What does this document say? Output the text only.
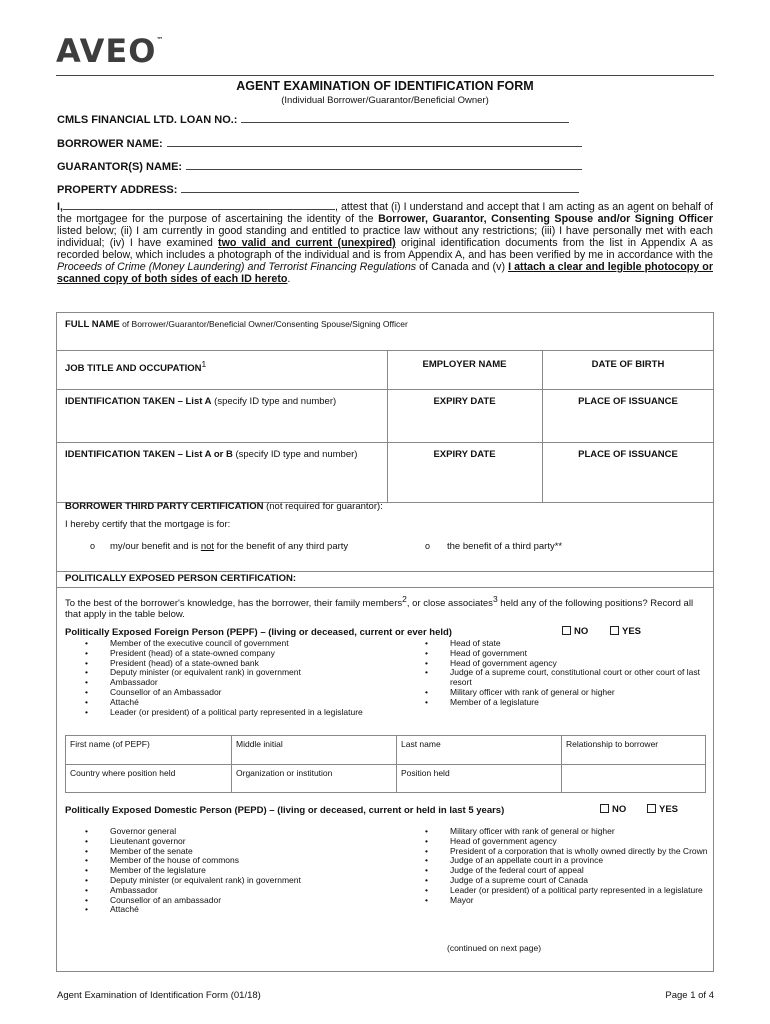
AVEO™
AGENT EXAMINATION OF IDENTIFICATION FORM
(Individual Borrower/Guarantor/Beneficial Owner)
CMLS FINANCIAL LTD. LOAN NO.:
BORROWER NAME:
GUARANTOR(S) NAME:
PROPERTY ADDRESS:
I,	, attest that (i) I understand and accept that I am acting as an agent on behalf of the mortgagee for the purpose of ascertaining the identity of the Borrower, Guarantor, Consenting Spouse and/or Signing Officer listed below; (ii) I am currently in good standing and entitled to practice law without any restrictions; (iii) I have personally met with each individual; (iv) I have examined two valid and current (unexpired) original identification documents from the list in Appendix A as recorded below, which includes a photograph of the individual and is from Appendix A, and has been verified by me in accordance with the Proceeds of Crime (Money Laundering) and Terrorist Financing Regulations of Canada and (v) I attach a clear and legible photocopy or scanned copy of both sides of each ID hereto.
FULL NAME of Borrower/Guarantor/Beneficial Owner/Consenting Spouse/Signing Officer
JOB TITLE AND OCCUPATION$^1$	EMPLOYER NAME	DATE OF BIRTH
IDENTIFICATION TAKEN – List A (specify ID type and number)	EXPIRY DATE	PLACE OF ISSUANCE
IDENTIFICATION TAKEN – List A or B (specify ID type and number)	EXPIRY DATE	PLACE OF ISSUANCE
BORROWER THIRD PARTY CERTIFICATION (not required for guarantor):
I hereby certify that the mortgage is for:
o my/our benefit and is not for the benefit of any third party	o the benefit of a third party**
POLITICALLY EXPOSED PERSON CERTIFICATION:
To the best of the borrower's knowledge, has the borrower, their family members$^2$, or close associates$^3$ held any of the following positions? Record all that apply in the table below.
Politically Exposed Foreign Person (PEPF) – (living or deceased, current or ever held)	NO	YES
• Member of the executive council of government
• President (head) of a state-owned company
• President (head) of a state-owned bank
• Deputy minister (or equivalent rank) in government
• Ambassador
• Counsellor of an Ambassador
• Attaché
• Leader (or president) of a political party represented in a legislature
• Head of state
• Head of government
• Head of government agency
• Judge of a supreme court, constitutional court or other court of last resort
• Military officer with rank of general or higher
• Member of a legislature
First name (of PEPF)	Middle initial	Last name	Relationship to borrower
Country where position held	Organization or institution	Position held
Politically Exposed Domestic Person (PEPD) – (living or deceased, current or held in last 5 years)	NO	YES
• Governor general
• Lieutenant governor
• Member of the senate
• Member of the house of commons
• Member of the legislature
• Deputy minister (or equivalent rank) in government
• Ambassador
• Counsellor of an ambassador
• Attaché
• Military officer with rank of general or higher
• Head of government agency
• President of a corporation that is wholly owned directly by the Crown
• Judge of an appellate court in a province
• Judge of the federal court of appeal
• Judge of a supreme court of Canada
• Leader (or president) of a political party represented in a legislature
• Mayor
(continued on next page)
Agent Examination of Identification Form (01/18)	Page 1 of 4
